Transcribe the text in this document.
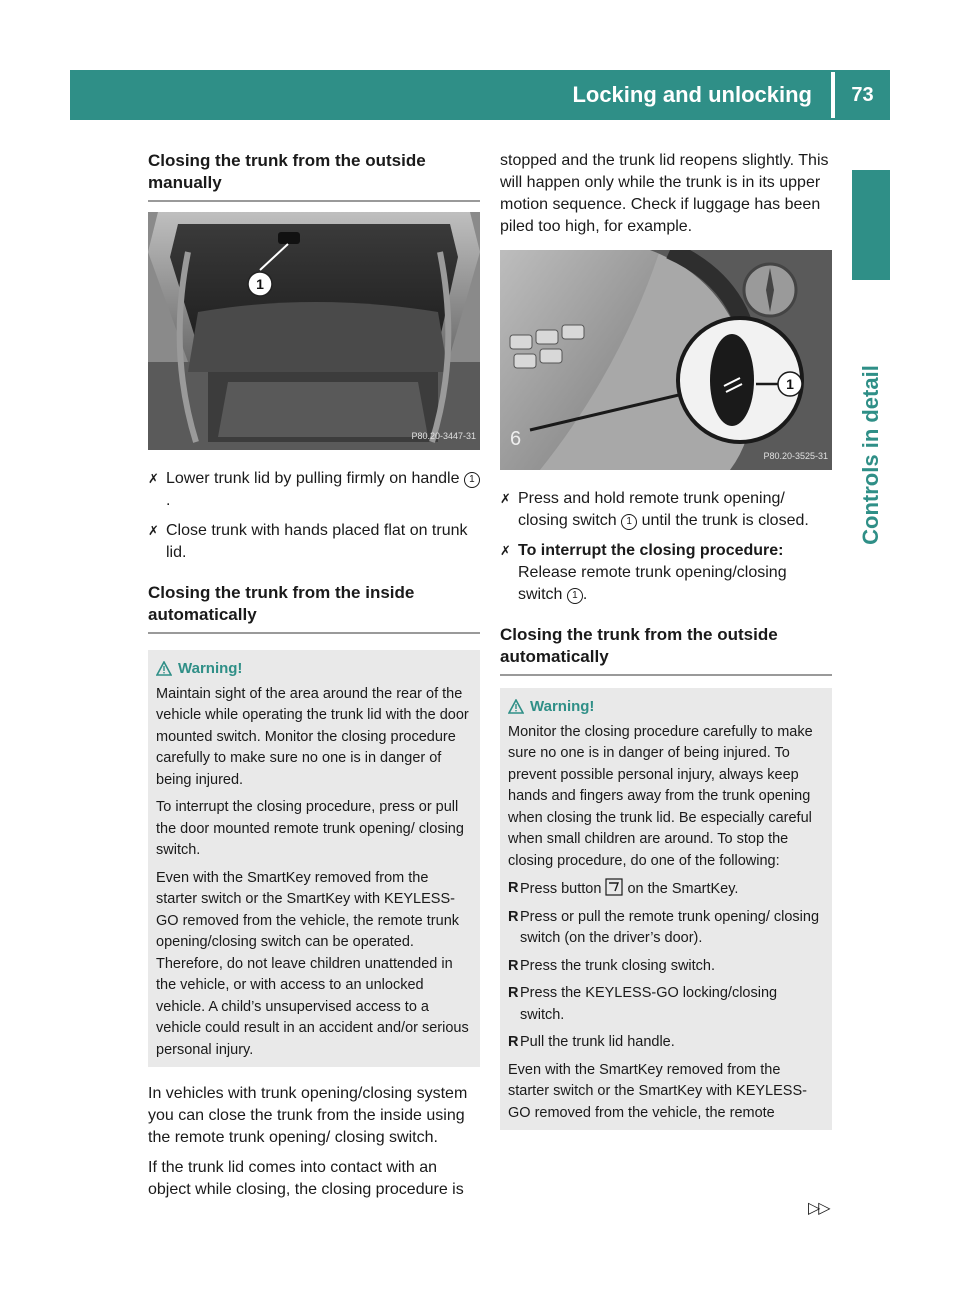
Locking and unlocking	73
Controls in detail
Closing the trunk from the outside manually
1
P80.20-3447-31
✗ Lower trunk lid by pulling firmly on handle 1.
✗ Close trunk with hands placed flat on trunk lid.
Closing the trunk from the inside automatically
Warning!

Maintain sight of the area around the rear of the vehicle while operating the trunk lid with the door mounted switch. Monitor the closing procedure carefully to make sure no one is in danger of being injured.

To interrupt the closing procedure, press or pull the door mounted remote trunk opening/ closing switch.

Even with the SmartKey removed from the starter switch or the SmartKey with KEYLESS-GO removed from the vehicle, the remote trunk opening/closing switch can be operated. Therefore, do not leave children unattended in the vehicle, or with access to an unlocked vehicle. A child’s unsupervised access to a vehicle could result in an accident and/or serious personal injury.

In vehicles with trunk opening/closing system you can close the trunk from the inside using the remote trunk opening/ closing switch.

If the trunk lid comes into contact with an object while closing, the closing procedure is

stopped and the trunk lid reopens slightly. This will happen only while the trunk is in its upper motion sequence. Check if luggage has been piled too high, for example.

1
6
P80.20-3525-31
✗ Press and hold remote trunk opening/ closing switch 1 until the trunk is closed.
✗ To interrupt the closing procedure:
Release remote trunk opening/closing switch 1 .
Closing the trunk from the outside automatically
Warning!

Monitor the closing procedure carefully to make sure no one is in danger of being injured. To prevent possible personal injury, always keep hands and fingers away from the trunk opening when closing the trunk lid. Be especially careful when small children are around. To stop the closing procedure, do one of the following:

R Press button on the SmartKey.
R Press or pull the remote trunk opening/ closing switch (on the driver’s door).
R Press the trunk closing switch.
R Press the KEYLESS-GO locking/closing switch.
R Pull the trunk lid handle.

Even with the SmartKey removed from the starter switch or the SmartKey with KEYLESS-GO removed from the vehicle, the remote

▷▷
